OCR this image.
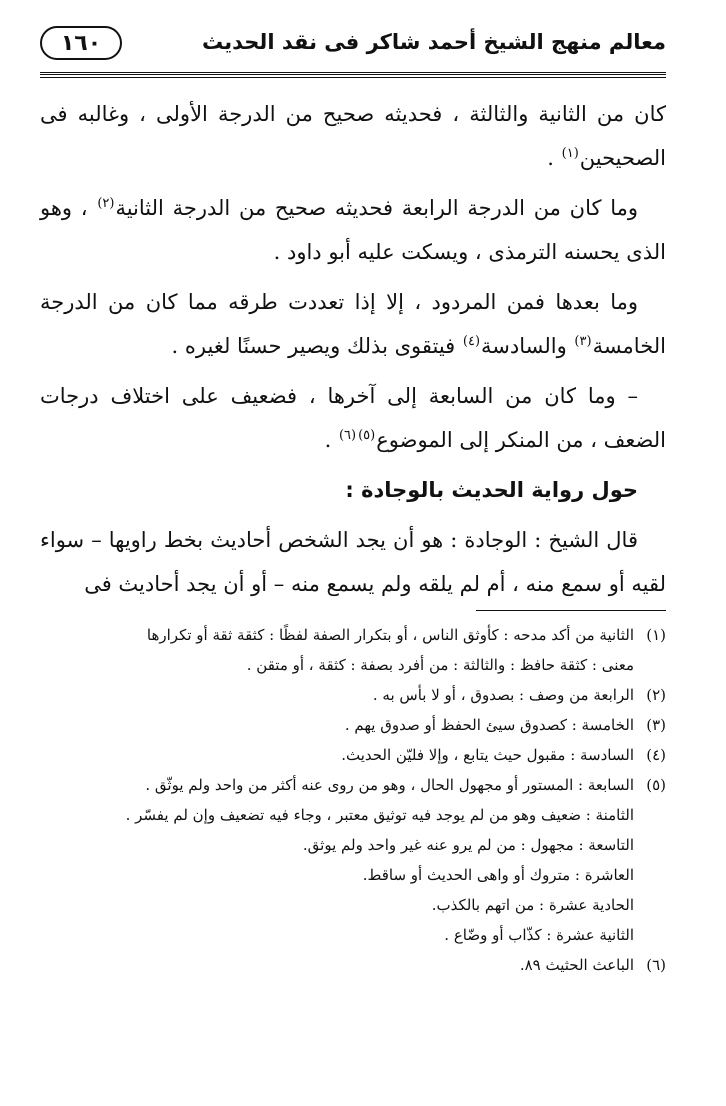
معالم منهج الشيخ أحمد شاكر فى نقد الحديث
١٦٠

كان من الثانية والثالثة ، فحديثه صحيح من الدرجة الأولى ، وغالبه فى الصحيحين$^{(١)}$ .

وما كان من الدرجة الرابعة فحديثه صحيح من الدرجة الثانية$^{(٢)}$ ، وهو الذى يحسنه الترمذى ، ويسكت عليه أبو داود .

وما بعدها فمن المردود ، إلا إذا تعددت طرقه مما كان من الدرجة الخامسة$^{(٣)}$ والسادسة$^{(٤)}$ فيتقوى بذلك ويصير حسنًا لغيره .

– وما كان من السابعة إلى آخرها ، فضعيف على اختلاف درجات الضعف ، من المنكر إلى الموضوع$^{(٥)(٦)}$ .

حول رواية الحديث بالوجادة :

قال الشيخ : الوجادة : هو أن يجد الشخص أحاديث بخط راويها – سواء لقيه أو سمع منه ، أم لم يلقه ولم يسمع منه – أو أن يجد أحاديث فى

(١)

الثانية من أكد مدحه : كأوثق الناس ، أو بتكرار الصفة لفظًا : كثقة ثقة أو تكرارها

معنى : كثقة حافظ : والثالثة : من أفرد بصفة : كثقة ، أو متقن .

(٢)
الرابعة من وصف : بصدوق ، أو لا بأس به .
(٣)
الخامسة : كصدوق سيئ الحفظ أو صدوق يهم .
(٤)
السادسة : مقبول حيث يتابع ، وإلا فليّن الحديث.
(٥)

السابعة : المستور أو مجهول الحال ، وهو من روى عنه أكثر من واحد ولم يوثّق .

الثامنة : ضعيف وهو من لم يوجد فيه توثيق معتبر ، وجاء فيه تضعيف وإن لم يفسّر .

التاسعة : مجهول : من لم يرو عنه غير واحد ولم يوثق.

العاشرة : متروك أو واهى الحديث أو ساقط.

الحادية عشرة : من اتهم بالكذب.

الثانية عشرة : كذّاب أو وضّاع .

(٦)
الباعث الحثيث ٨٩.
